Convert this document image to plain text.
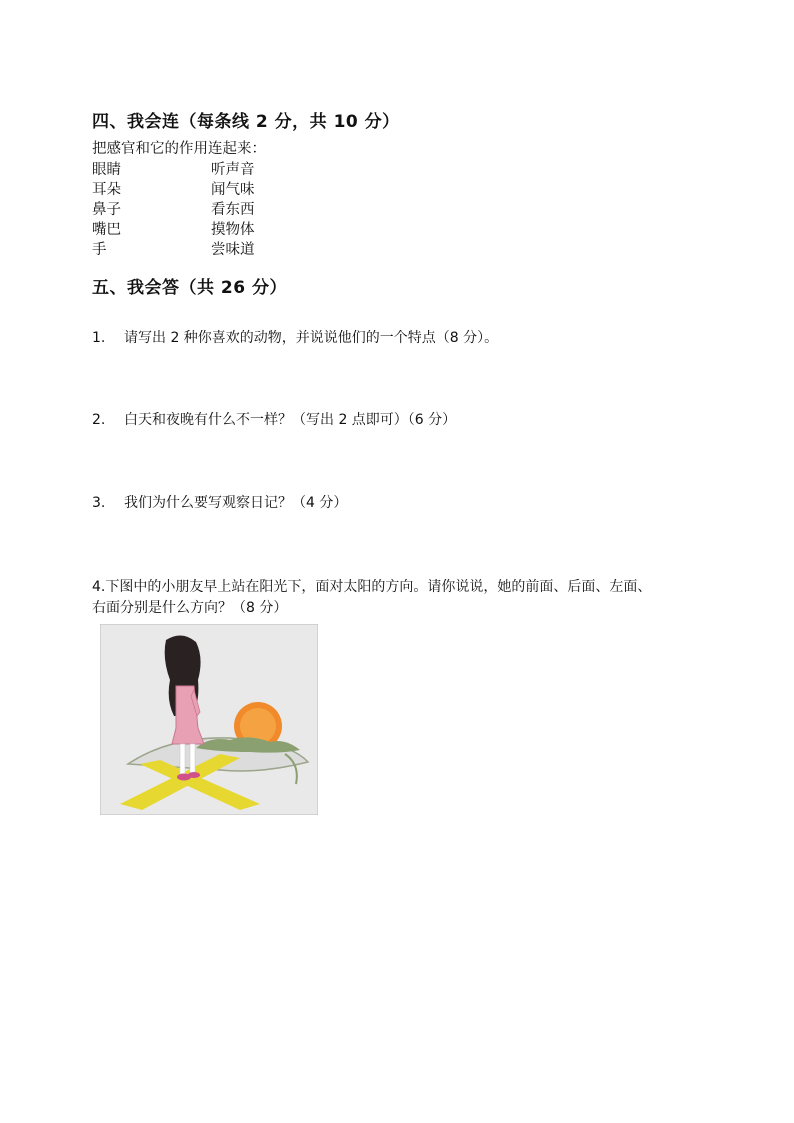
四、我会连（每条线 2 分，共 10 分）
把感官和它的作用连起来：
眼睛
耳朵
鼻子
嘴巴
手
听声音
闻气味
看东西
摸物体
尝味道
五、我会答（共 26 分）
1. 请写出 2 种你喜欢的动物，并说说他们的一个特点（8 分）。
2. 白天和夜晚有什么不一样？（写出 2 点即可）（6 分）
3. 我们为什么要写观察日记？（4 分）
4.下图中的小朋友早上站在阳光下，面对太阳的方向。请你说说，她的前面、后面、左面、
右面分别是什么方向？（8 分）
